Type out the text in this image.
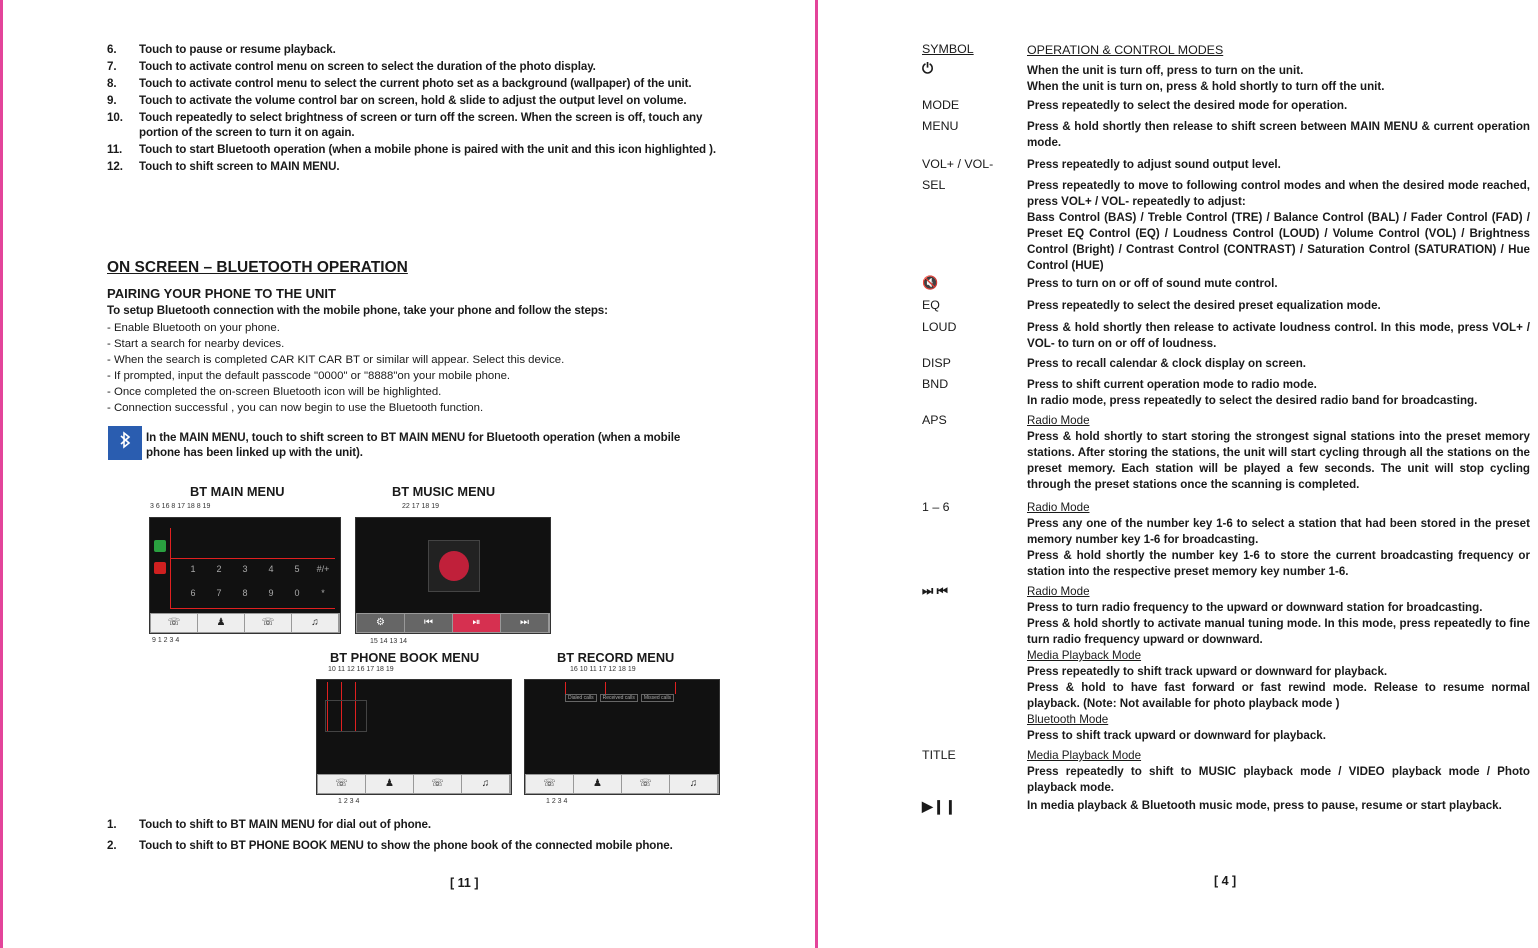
6.	Touch to pause or resume playback.
7.	Touch to activate control menu on screen to select the duration of the photo display.
8.	Touch to activate control menu to select the current photo set as a background (wallpaper) of the unit.
9.	Touch to activate the volume control bar on screen, hold & slide to adjust the output level on volume.
10.	Touch repeatedly to select brightness of screen or turn off the screen. When the screen is off, touch any portion of the screen to turn it on again.
11.	Touch to start Bluetooth operation (when a mobile phone is paired with the unit and this icon highlighted ).
12.	Touch to shift screen to MAIN MENU.
ON SCREEN – BLUETOOTH OPERATION
PAIRING YOUR PHONE TO THE UNIT
To setup Bluetooth connection with the mobile phone, take your phone and follow the steps:
- Enable Bluetooth on your phone.
- Start a search for nearby devices.
- When the search is completed CAR KIT CAR BT or similar will appear. Select this device.
- If prompted, input the default passcode "0000" or "8888"on your mobile phone.
- Once completed the on-screen Bluetooth icon will be highlighted.
- Connection successful , you can now begin to use the Bluetooth function.
In the MAIN MENU, touch to shift screen to BT MAIN MENU for Bluetooth operation (when a mobile phone has been linked up with the unit).
BT MAIN MENU	BT MUSIC MENU
3 6 16 8 17 18 8 19
1	2	3	4	5	#/+
6	7	8	9	0	*
☏	♟	☏	♫
9 1 2 3 4
22 17 18 19
⚙	⏮	⏯	⏭
15 14 13 14
BT PHONE BOOK MENU	BT RECORD MENU
10 11 12 16 17 18 19
☏	♟	☏	♫
1 2 3 4
16 10 11 17 12 18 19
Dialed calls	Received calls	Missed calls
☏	♟	☏	♫
1 2 3 4
1.	Touch to shift to BT MAIN MENU for dial out of phone.
2.	Touch to shift to BT PHONE BOOK MENU to show the phone book of the connected mobile phone.
[ 11 ]
SYMBOL	OPERATION & CONTROL MODES
⏻	When the unit is turn off, press to turn on the unit.
When the unit is turn on, press & hold shortly to turn off the unit.
MODE	Press repeatedly to select the desired mode for operation.
MENU	Press & hold shortly then release to shift screen between MAIN MENU & current operation mode.
VOL+ / VOL-	Press repeatedly to adjust sound output level.
SEL	Press repeatedly to move to following control modes and when the desired mode reached, press VOL+ / VOL- repeatedly to adjust:
Bass Control (BAS) / Treble Control (TRE) / Balance Control (BAL) / Fader Control (FAD) / Preset EQ Control (EQ) / Loudness Control (LOUD) / Volume Control (VOL) / Brightness Control (Bright) / Contrast Control (CONTRAST) / Saturation Control (SATURATION) / Hue Control (HUE)
🔇	Press to turn on or off of sound mute control.
EQ	Press repeatedly to select the desired preset equalization mode.
LOUD	Press & hold shortly then release to activate loudness control. In this mode, press VOL+ / VOL- to turn on or off of loudness.
DISP	Press to recall calendar & clock display on screen.
BND	Press to shift current operation mode to radio mode.
In radio mode, press repeatedly to select the desired radio band for broadcasting.
APS	Radio Mode
Press & hold shortly to start storing the strongest signal stations into the preset memory stations. After storing the stations, the unit will start cycling through all the stations on the preset memory. Each station will be played a few seconds. The unit will stop cycling through the preset stations once the scanning is completed.
1 – 6	Radio Mode
Press any one of the number key 1-6 to select a station that had been stored in the preset memory number key 1-6 for broadcasting.
Press & hold shortly the number key 1-6 to store the current broadcasting frequency or station into the respective preset memory key number 1-6.
⏭ ⏮	Radio Mode
Press to turn radio frequency to the upward or downward station for broadcasting.
Press & hold shortly to activate manual tuning mode. In this mode, press repeatedly to fine turn radio frequency upward or downward.
Media Playback Mode
Press repeatedly to shift track upward or downward for playback.
Press & hold to have fast forward or fast rewind mode. Release to resume normal playback. (Note: Not available for photo playback mode )
Bluetooth Mode
Press to shift track upward or downward for playback.
TITLE	Media Playback Mode
Press repeatedly to shift to MUSIC playback mode / VIDEO playback mode / Photo playback mode.
▶❙❙	In media playback & Bluetooth music mode, press to pause, resume or start playback.
[ 4 ]
